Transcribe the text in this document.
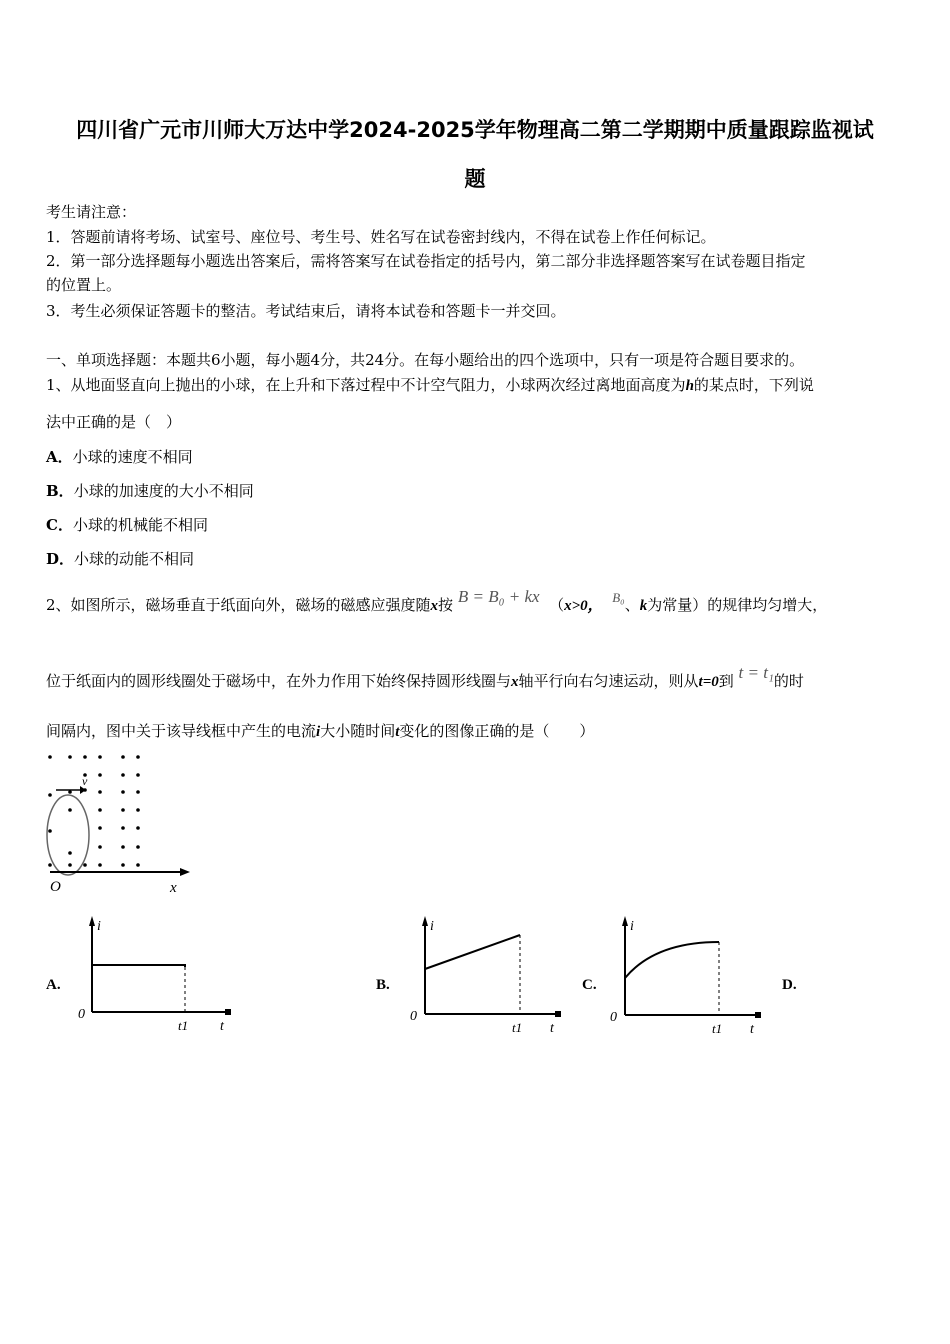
四川省广元市川师大万达中学2024-2025学年物理高二第二学期期中质量跟踪监视试
题
考生请注意：
1．答题前请将考场、试室号、座位号、考生号、姓名写在试卷密封线内，不得在试卷上作任何标记。
2．第一部分选择题每小题选出答案后，需将答案写在试卷指定的括号内，第二部分非选择题答案写在试卷题目指定
的位置上。
3．考生必须保证答题卡的整洁。考试结束后，请将本试卷和答题卡一并交回。
一、单项选择题：本题共6小题，每小题4分，共24分。在每小题给出的四个选项中，只有一项是符合题目要求的。
1、从地面竖直向上抛出的小球，在上升和下落过程中不计空气阻力，小球两次经过离地面高度为h的某点时，下列说
法中正确的是（　）
A．小球的速度不相同
B．小球的加速度的大小不相同
C．小球的机械能不相同
D．小球的动能不相同
2、如图所示，磁场垂直于纸面向外，磁场的磁感应强度随x按 B = B₀ + kx （x>0，  B₀、k为常量）的规律均匀增大，
位于纸面内的圆形线圈处于磁场中，在外力作用下始终保持圆形线圈与x轴平行向右匀速运动，则从t=0到 t = t₁的时
间隔内，图中关于该导线框中产生的电流i大小随时间t变化的图像正确的是（　　）
v
O	x
A.	B.	C.	D.
i
0
t1 t
i
0
t1 t
i
0
t1 t
